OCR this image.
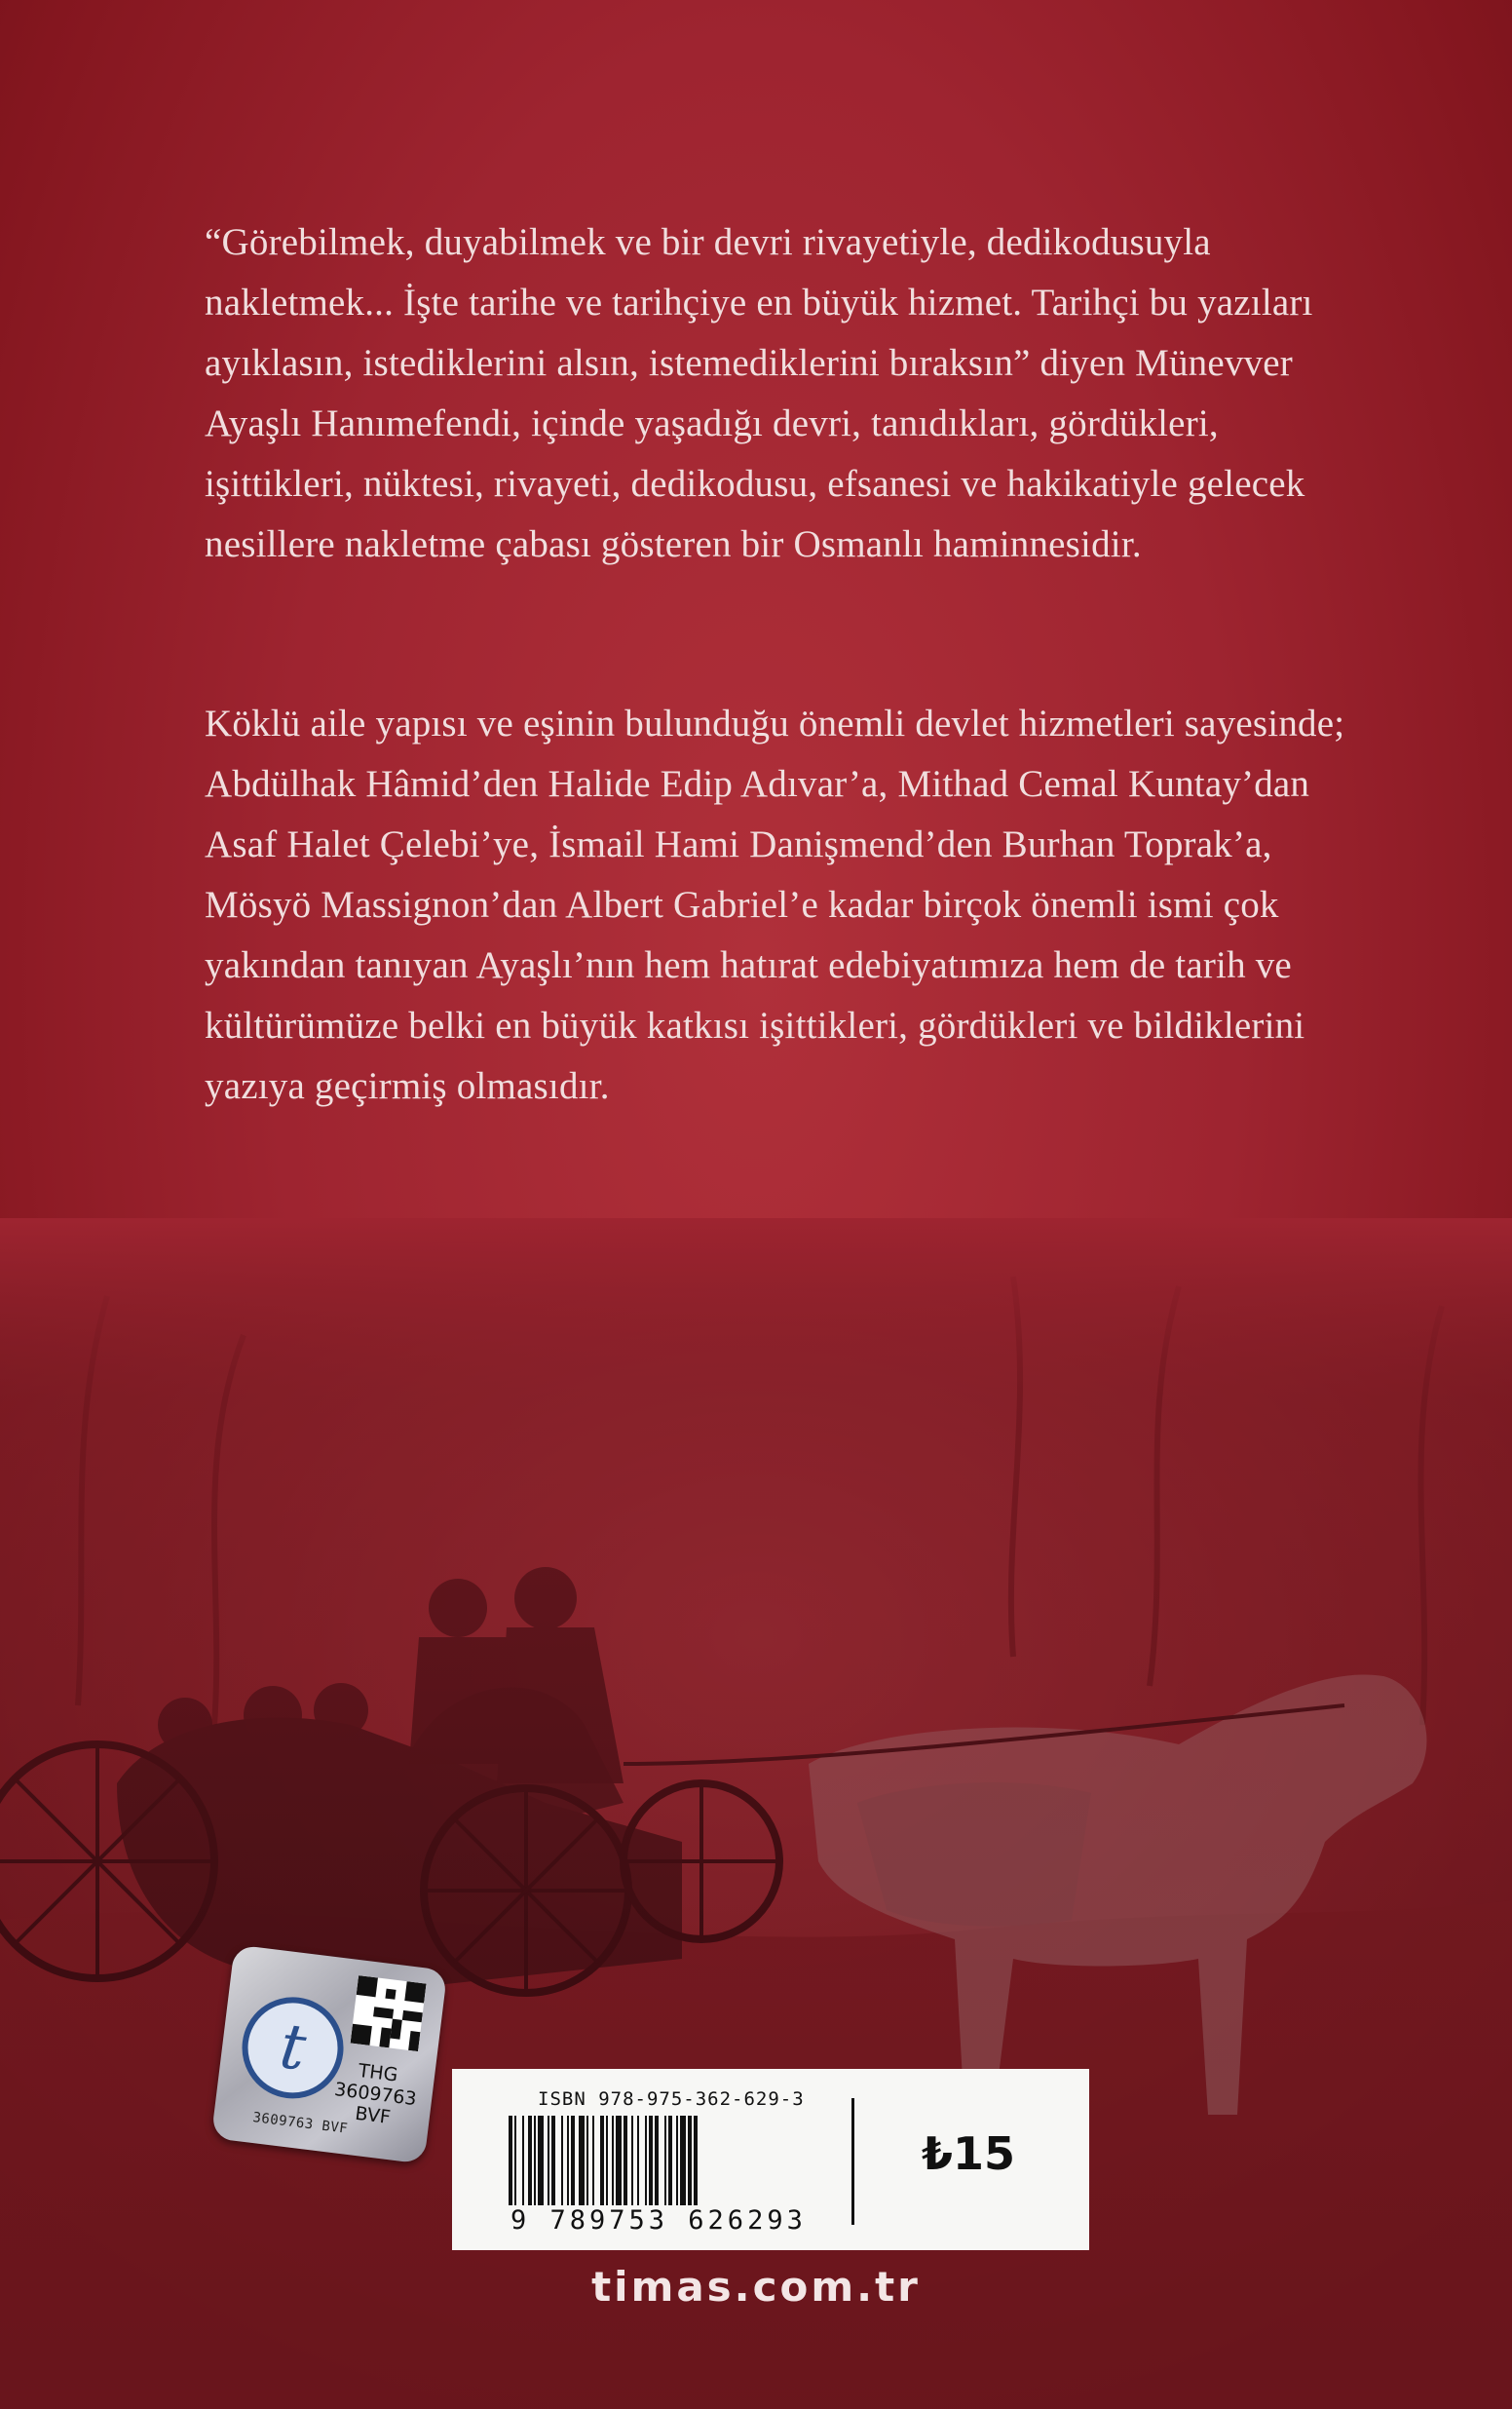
“Görebilmek, duyabilmek ve bir devri rivayetiyle, dedikodusuyla nakletmek... İşte tarihe ve tarihçiye en büyük hizmet. Tarihçi bu yazıları ayıklasın, istediklerini alsın, istemediklerini bıraksın” diyen Münevver Ayaşlı Hanımefendi, içinde yaşadığı devri, tanıdıkları, gördükleri, işittikleri, nüktesi, rivayeti, dedikodusu, efsanesi ve hakikatiyle gelecek nesillere nakletme çabası gösteren bir Osmanlı haminnesidir.

Köklü aile yapısı ve eşinin bulunduğu önemli devlet hizmetleri sayesinde; Abdülhak Hâmid’den Halide Edip Adıvar’a, Mithad Cemal Kuntay’dan Asaf Halet Çelebi’ye, İsmail Hami Danişmend’den Burhan Toprak’a, Mösyö Massignon’dan Albert Gabriel’e kadar birçok önemli ismi çok yakından tanıyan Ayaşlı’nın hem hatırat edebiyatımıza hem de tarih ve kültürümüze belki en büyük katkısı işittikleri, gördükleri ve bildiklerini yazıya geçirmiş olmasıdır.

t	THG
3609763
BVF
3609763 BVF
ISBN 978-975-362-629-3
9 789753 626293
₺15
timas.com.tr
